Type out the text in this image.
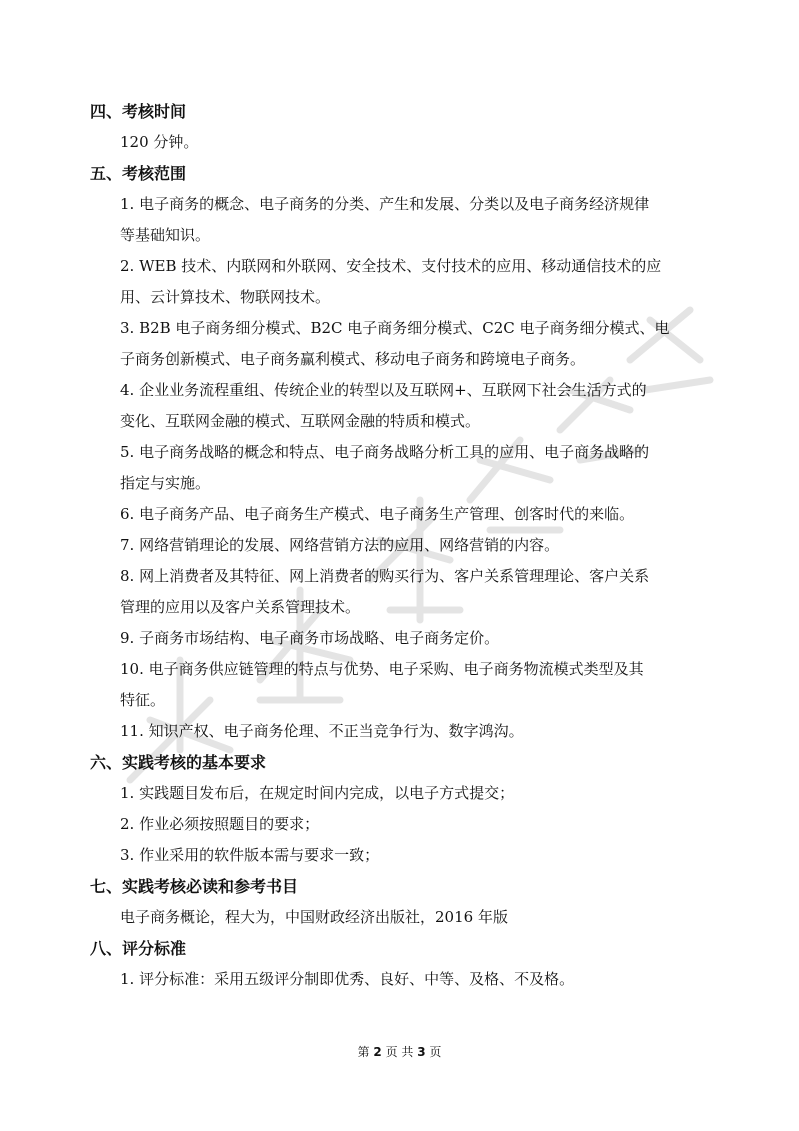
四、考核时间

120 分钟。

五、考核范围

1. 电子商务的概念、电子商务的分类、产生和发展、分类以及电子商务经济规律
等基础知识。
2. WEB 技术、内联网和外联网、安全技术、支付技术的应用、移动通信技术的应
用、云计算技术、物联网技术。
3. B2B 电子商务细分模式、B2C 电子商务细分模式、C2C 电子商务细分模式、电
子商务创新模式、电子商务赢利模式、移动电子商务和跨境电子商务。
4. 企业业务流程重组、传统企业的转型以及互联网+、互联网下社会生活方式的
变化、互联网金融的模式、互联网金融的特质和模式。
5. 电子商务战略的概念和特点、电子商务战略分析工具的应用、电子商务战略的
指定与实施。
6. 电子商务产品、电子商务生产模式、电子商务生产管理、创客时代的来临。
7. 网络营销理论的发展、网络营销方法的应用、网络营销的内容。
8. 网上消费者及其特征、网上消费者的购买行为、客户关系管理理论、客户关系
管理的应用以及客户关系管理技术。
9. 子商务市场结构、电子商务市场战略、电子商务定价。
10. 电子商务供应链管理的特点与优势、电子采购、电子商务物流模式类型及其
特征。
11. 知识产权、电子商务伦理、不正当竞争行为、数字鸿沟。

六、实践考核的基本要求

1. 实践题目发布后，在规定时间内完成，以电子方式提交；
2. 作业必须按照题目的要求；
3. 作业采用的软件版本需与要求一致；

七、实践考核必读和参考书目

电子商务概论，程大为，中国财政经济出版社，2016 年版

八、评分标准

1. 评分标准：采用五级评分制即优秀、良好、中等、及格、不及格。
第 2 页 共 3 页
